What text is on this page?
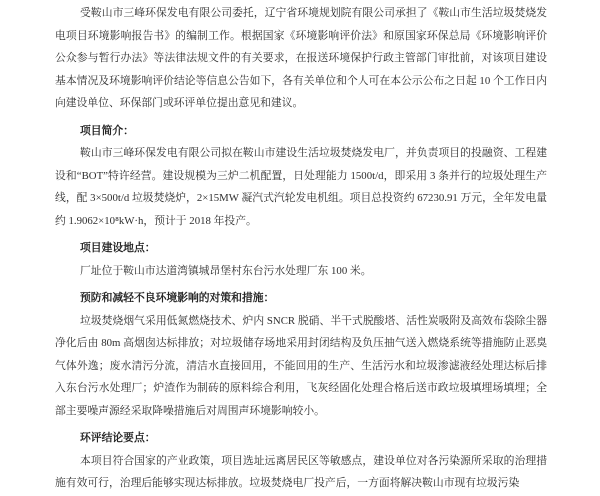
受鞍山市三峰环保发电有限公司委托，辽宁省环境规划院有限公司承担了《鞍山市生活垃圾焚烧发电项目环境影响报告书》的编制工作。根据国家《环境影响评价法》和原国家环保总局《环境影响评价公众参与暂行办法》等法律法规文件的有关要求，在报送环境保护行政主管部门审批前，对该项目建设基本情况及环境影响评价结论等信息公告如下，各有关单位和个人可在本公示公布之日起 10 个工作日内向建设单位、环保部门或环评单位提出意见和建议。

项目简介：

鞍山市三峰环保发电有限公司拟在鞍山市建设生活垃圾焚烧发电厂，并负责项目的投融资、工程建设和“BOT”特许经营。建设规模为三炉二机配置，日处理能力 1500t/d，即采用 3 条并行的垃圾处理生产线，配 3×500t/d 垃圾焚烧炉，2×15MW 凝汽式汽轮发电机组。项目总投资约 67230.91 万元，全年发电量约 1.9062×10⁸kW·h，预计于 2018 年投产。

项目建设地点：

厂址位于鞍山市达道湾镇城昂堡村东台污水处理厂东 100 米。

预防和减轻不良环境影响的对策和措施：

垃圾焚烧烟气采用低氮燃烧技术、炉内 SNCR 脱硝、半干式脱酸塔、活性炭吸附及高效布袋除尘器净化后由 80m 高烟囱达标排放；对垃圾储存场地采用封闭结构及负压抽气送入燃烧系统等措施防止恶臭气体外逸；废水清污分流，清洁水直接回用，不能回用的生产、生活污水和垃圾渗滤液经处理达标后排入东台污水处理厂；炉渣作为制砖的原料综合利用，飞灰经固化处理合格后送市政垃圾填埋场填埋；全部主要噪声源经采取降噪措施后对周围声环境影响较小。

环评结论要点：

本项目符合国家的产业政策，项目选址远离居民区等敏感点，建设单位对各污染源所采取的治理措施有效可行，治理后能够实现达标排放。垃圾焚烧电厂投产后，一方面将解决鞍山市现有垃圾污染
